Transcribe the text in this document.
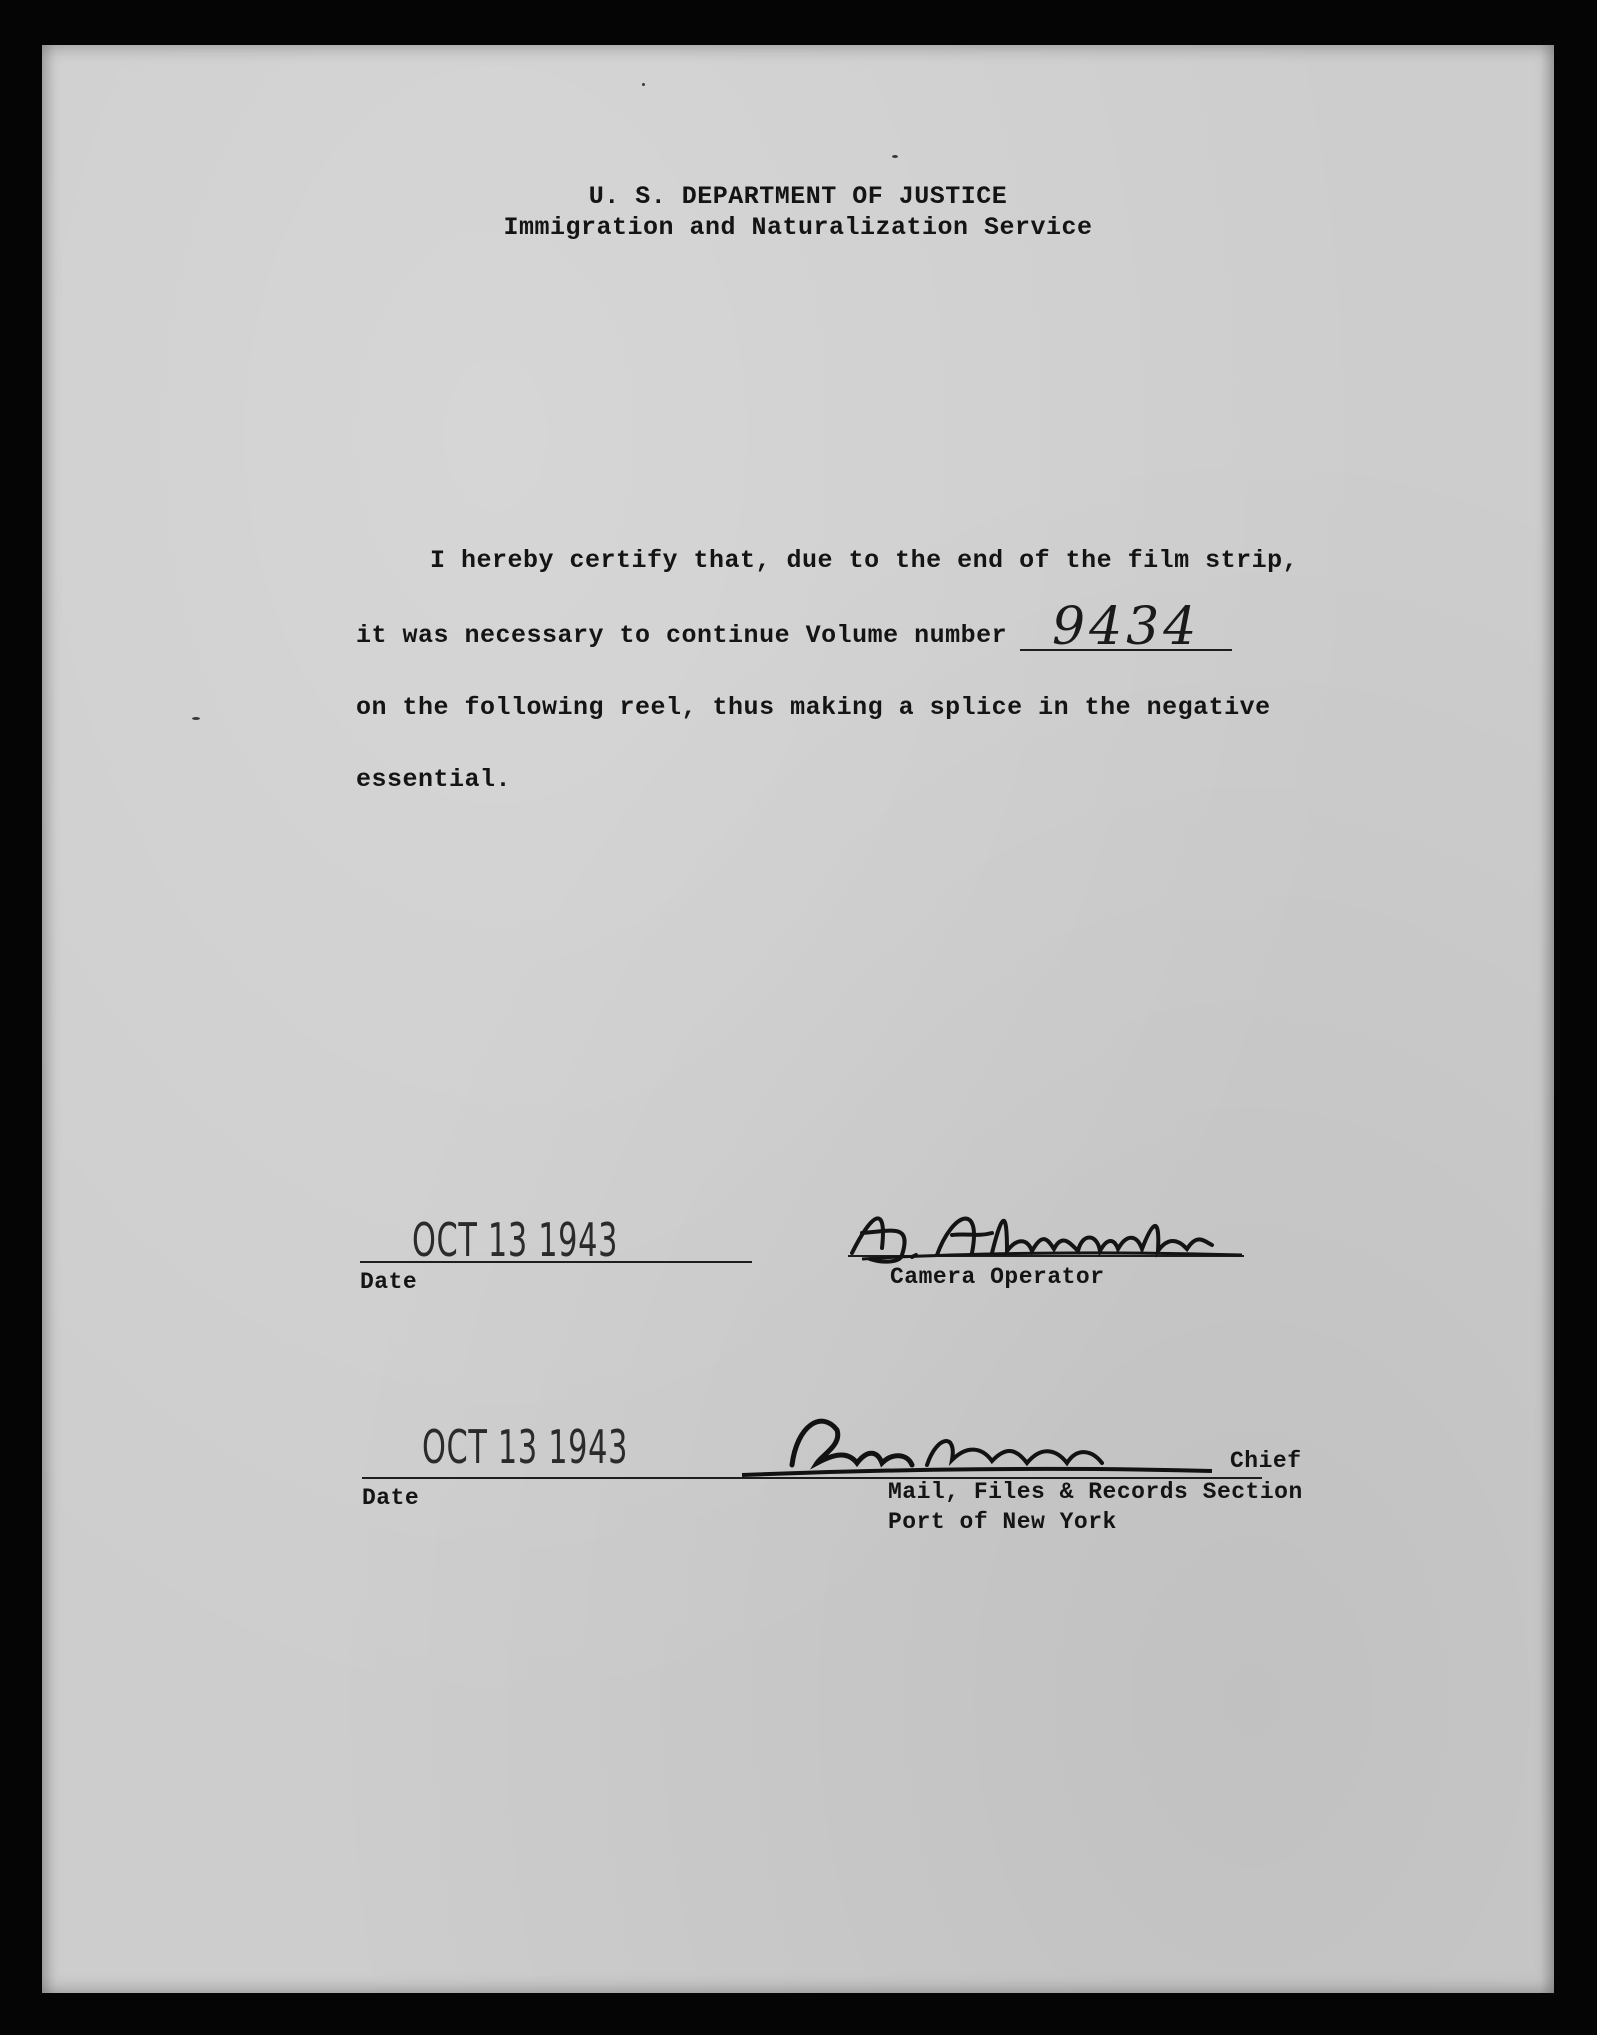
U. S. DEPARTMENT OF JUSTICE
Immigration and Naturalization Service
I hereby certify that, due to the end of the film strip,
it was necessary to continue Volume number 9434
on the following reel, thus making a splice in the negative
essential.
OCT 13 1943
Date	Camera Operator
OCT 13 1943
Date
Chief
Mail, Files & Records Section
Port of New York
